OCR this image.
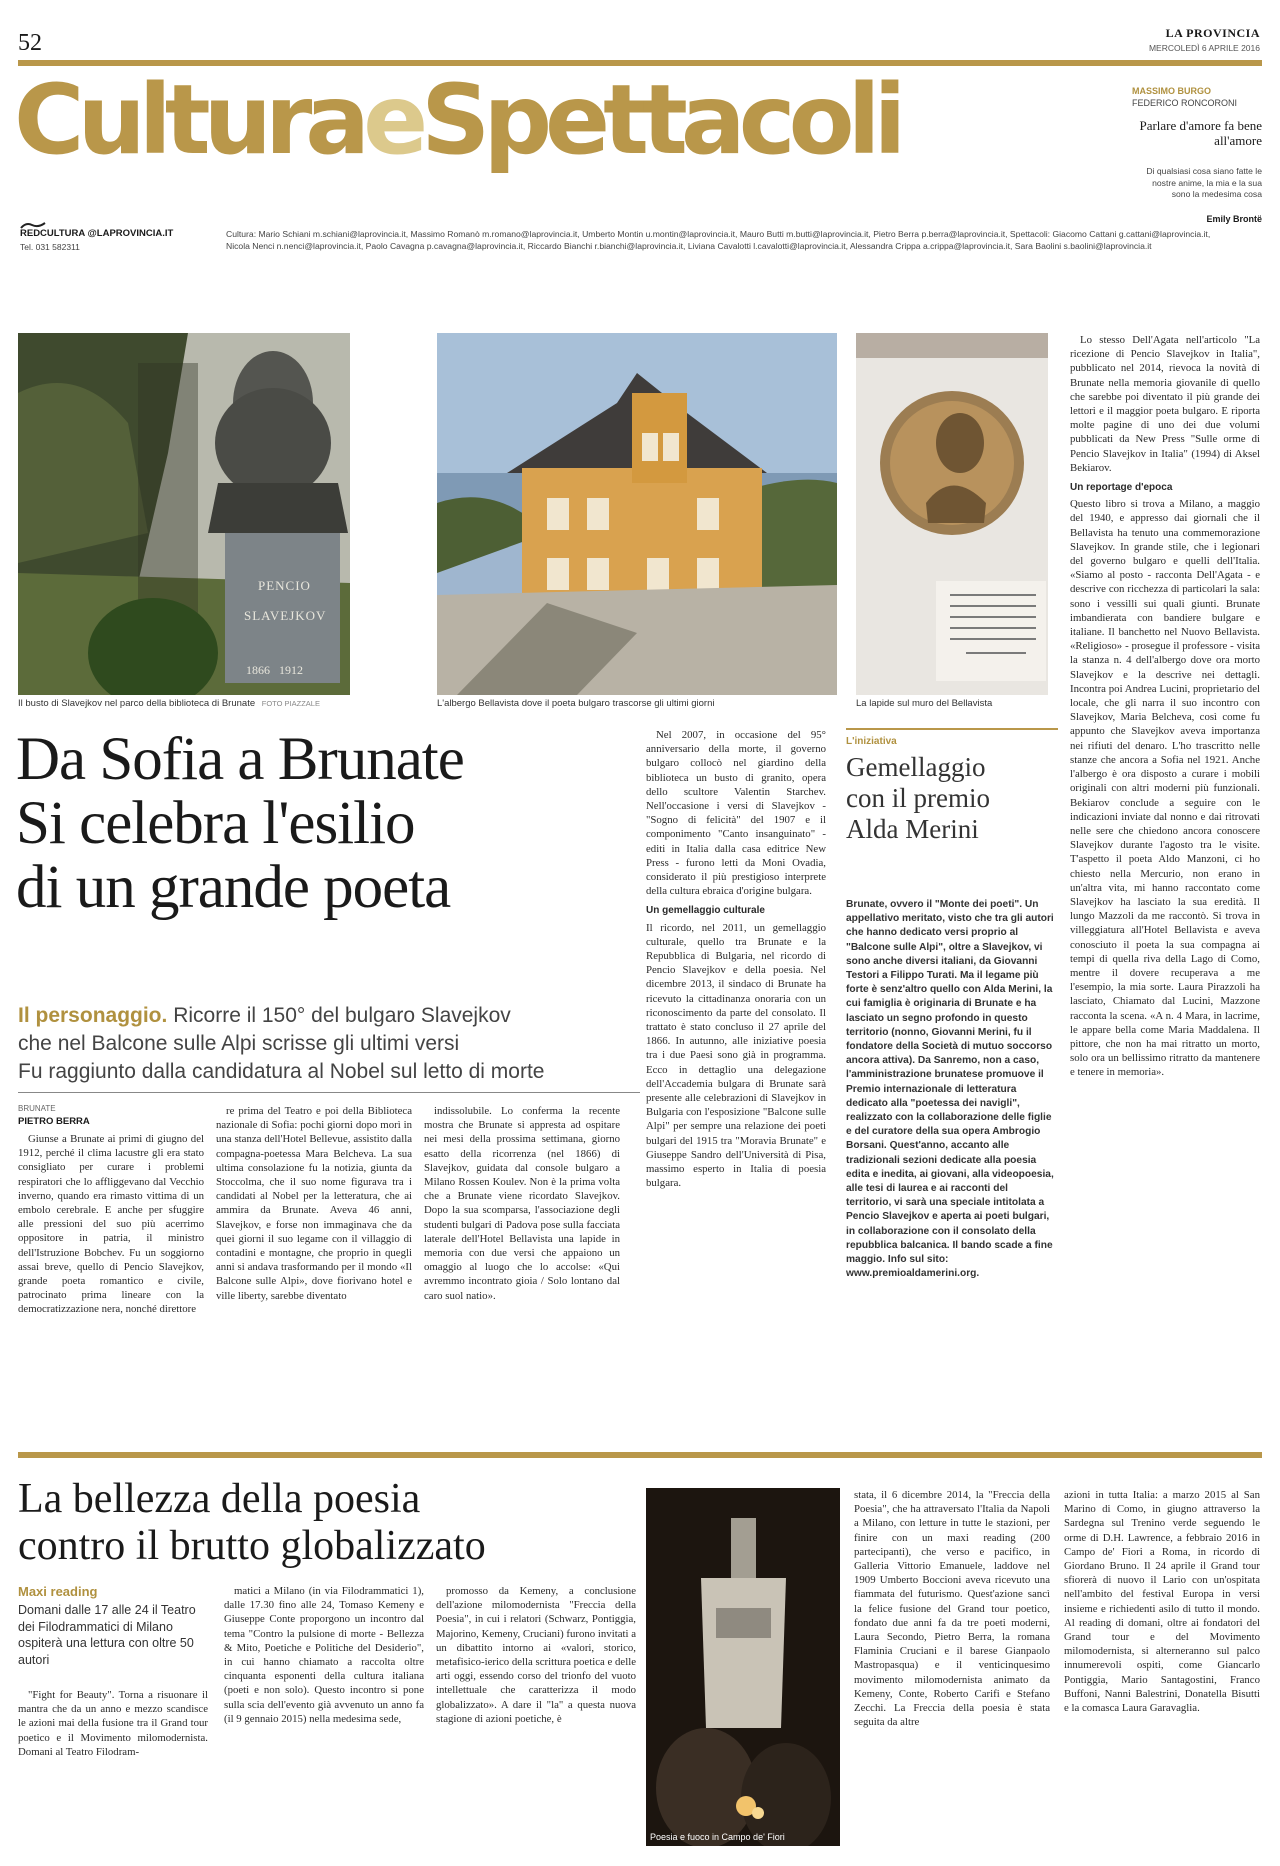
52	LA PROVINCIA
MERCOLEDÌ 6 APRILE 2016
CulturaeSpettacoli	MASSIMO BURGO
FEDERICO RONCORONI
Parlare d'amore fa bene all'amore
Di qualsiasi cosa siano fatte le nostre anime, la mia e la sua sono la medesima cosa
Emily Brontë
REDCULTURA @LAPROVINCIA.IT
Tel. 031 582311
Cultura: Mario Schiani m.schiani@laprovincia.it, Massimo Romanò m.romano@laprovincia.it, Umberto Montin u.montin@laprovincia.it, Mauro Butti m.butti@laprovincia.it, Pietro Berra p.berra@laprovincia.it, Spettacoli: Giacomo Cattani g.cattani@laprovincia.it, Nicola Nenci n.nenci@laprovincia.it, Paolo Cavagna p.cavagna@laprovincia.it, Riccardo Bianchi r.bianchi@laprovincia.it, Liviana Cavalotti l.cavalotti@laprovincia.it, Alessandra Crippa a.crippa@laprovincia.it, Sara Baolini s.baolini@laprovincia.it
PENCIO
SLAVEJKOV
1866   1912
Il busto di Slavejkov nel parco della biblioteca di Brunate FOTO PIAZZALE	L'albergo Bellavista dove il poeta bulgaro trascorse gli ultimi giorni	La lapide sul muro del Bellavista
Da Sofia a Brunate
Si celebra l'esilio
di un grande poeta
Il personaggio. Ricorre il 150° del bulgaro Slavejkov
che nel Balcone sulle Alpi scrisse gli ultimi versi
Fu raggiunto dalla candidatura al Nobel sul letto di morte
BRUNATE
PIETRO BERRA

Giunse a Brunate ai primi di giugno del 1912, perché il clima lacustre gli era stato consigliato per curare i problemi respiratori che lo affliggevano dal Vecchio inverno, quando era rimasto vittima di un embolo cerebrale. E anche per sfuggire alle pressioni del suo più acerrimo oppositore in patria, il ministro dell'Istruzione Bobchev. Fu un soggiorno assai breve, quello di Pencio Slavejkov, grande poeta romantico e civile, patrocinato prima lineare con la democratizzazione nera, nonché direttore

re prima del Teatro e poi della Biblioteca nazionale di Sofia: pochi giorni dopo morì in una stanza dell'Hotel Bellevue, assistito dalla compagna-poetessa Mara Belcheva. La sua ultima consolazione fu la notizia, giunta da Stoccolma, che il suo nome figurava tra i candidati al Nobel per la letteratura, che ai ammira da Brunate. Aveva 46 anni, Slavejkov, e forse non immaginava che da quei giorni il suo legame con il villaggio di contadini e montagne, che proprio in quegli anni si andava trasformando per il mondo «Il Balcone sulle Alpi», dove fiorivano hotel e ville liberty, sarebbe diventato

indissolubile. Lo conferma la recente mostra che Brunate si appresta ad ospitare nei mesi della prossima settimana, giorno esatto della ricorrenza (nel 1866) di Slavejkov, guidata dal console bulgaro a Milano Rossen Koulev. Non è la prima volta che a Brunate viene ricordato Slavejkov. Dopo la sua scomparsa, l'associazione degli studenti bulgari di Padova pose sulla facciata laterale dell'Hotel Bellavista una lapide in memoria con due versi che appaiono un omaggio al luogo che lo accolse: «Qui avremmo incontrato gioia / Solo lontano dal caro suol natio».

Nel 2007, in occasione del 95° anniversario della morte, il governo bulgaro collocò nel giardino della biblioteca un busto di granito, opera dello scultore Valentin Starchev. Nell'occasione i versi di Slavejkov - "Sogno di felicità" del 1907 e il componimento "Canto insanguinato" - editi in Italia dalla casa editrice New Press - furono letti da Moni Ovadia, considerato il più prestigioso interprete della cultura ebraica d'origine bulgara.

Un gemellaggio culturale

Il ricordo, nel 2011, un gemellaggio culturale, quello tra Brunate e la Repubblica di Bulgaria, nel ricordo di Pencio Slavejkov e della poesia. Nel dicembre 2013, il sindaco di Brunate ha ricevuto la cittadinanza onoraria con un riconoscimento da parte del consolato. Il trattato è stato concluso il 27 aprile del 1866. In autunno, alle iniziative poesia tra i due Paesi sono già in programma. Ecco in dettaglio una delegazione dell'Accademia bulgara di Brunate sarà presente alle celebrazioni di Slavejkov in Bulgaria con l'esposizione "Balcone sulle Alpi" per sempre una relazione dei poeti bulgari del 1915 tra "Moravia Brunate" e Giuseppe Sandro dell'Università di Pisa, massimo esperto in Italia di poesia bulgara.

L'iniziativa
Gemellaggio
con il premio
Alda Merini
Brunate, ovvero il "Monte dei poeti". Un appellativo meritato, visto che tra gli autori che hanno dedicato versi proprio al "Balcone sulle Alpi", oltre a Slavejkov, vi sono anche diversi italiani, da Giovanni Testori a Filippo Turati. Ma il legame più forte è senz'altro quello con Alda Merini, la cui famiglia è originaria di Brunate e ha lasciato un segno profondo in questo territorio (nonno, Giovanni Merini, fu il fondatore della Società di mutuo soccorso ancora attiva). Da Sanremo, non a caso, l'amministrazione brunatese promuove il Premio internazionale di letteratura dedicato alla "poetessa dei navigli", realizzato con la collaborazione delle figlie e del curatore della sua opera Ambrogio Borsani. Quest'anno, accanto alle tradizionali sezioni dedicate alla poesia edita e inedita, ai giovani, alla videopoesia, alle tesi di laurea e ai racconti del territorio, vi sarà una speciale intitolata a Pencio Slavejkov e aperta ai poeti bulgari, in collaborazione con il consolato della repubblica balcanica. Il bando scade a fine maggio. Info sul sito: www.premioaldamerini.org.

Lo stesso Dell'Agata nell'articolo "La ricezione di Pencio Slavejkov in Italia", pubblicato nel 2014, rievoca la novità di Brunate nella memoria giovanile di quello che sarebbe poi diventato il più grande dei lettori e il maggior poeta bulgaro. E riporta molte pagine di uno dei due volumi pubblicati da New Press "Sulle orme di Pencio Slavejkov in Italia" (1994) di Aksel Bekiarov.

Un reportage d'epoca

Questo libro si trova a Milano, a maggio del 1940, e appresso dai giornali che il Bellavista ha tenuto una commemorazione Slavejkov. In grande stile, che i legionari del governo bulgaro e quelli dell'Italia. «Siamo al posto - racconta Dell'Agata - e descrive con ricchezza di particolari la sala: sono i vessilli sui quali giunti. Brunate imbandierata con bandiere bulgare e italiane. Il banchetto nel Nuovo Bellavista. «Religioso» - prosegue il professore - visita la stanza n. 4 dell'albergo dove ora morto Slavejkov e la descrive nei dettagli. Incontra poi Andrea Lucini, proprietario del locale, che gli narra il suo incontro con Slavejkov, Maria Belcheva, così come fu appunto che Slavejkov aveva importanza nei rifiuti del denaro. L'ho trascritto nelle stanze che ancora a Sofia nel 1921. Anche l'albergo è ora disposto a curare i mobili originali con altri moderni più funzionali. Bekiarov conclude a seguire con le indicazioni inviate dal nonno e dai ritrovati nelle sere che chiedono ancora conoscere Slavejkov durante l'agosto tra le visite. T'aspetto il poeta Aldo Manzoni, ci ho chiesto nella Mercurio, non erano in un'altra vita, mi hanno raccontato come Slavejkov ha lasciato la sua eredità. Il lungo Mazzoli da me raccontò. Si trova in villeggiatura all'Hotel Bellavista e aveva conosciuto il poeta la sua compagna ai tempi di quella riva della Lago di Como, mentre il dovere recuperava a me l'esempio, la mia sorte. Laura Pirazzoli ha lasciato, Chiamato dal Lucini, Mazzone racconta la scena. «A n. 4 Mara, in lacrime, le appare bella come Maria Maddalena. Il pittore, che non ha mai ritratto un morto, solo ora un bellissimo ritratto da mantenere e tenere in memoria».

La bellezza della poesia
contro il brutto globalizzato
Maxi reading
Domani dalle 17 alle 24 il Teatro dei Filodrammatici di Milano ospiterà una lettura con oltre 50 autori

"Fight for Beauty". Torna a risuonare il mantra che da un anno e mezzo scandisce le azioni mai della fusione tra il Grand tour poetico e il Movimento milomodernista. Domani al Teatro Filodram-

matici a Milano (in via Filodrammatici 1), dalle 17.30 fino alle 24, Tomaso Kemeny e Giuseppe Conte proporgono un incontro dal tema "Contro la pulsione di morte - Bellezza & Mito, Poetiche e Politiche del Desiderio", in cui hanno chiamato a raccolta oltre cinquanta esponenti della cultura italiana (poeti e non solo). Questo incontro si pone sulla scia dell'evento già avvenuto un anno fa (il 9 gennaio 2015) nella medesima sede,

promosso da Kemeny, a conclusione dell'azione milomodernista "Freccia della Poesia", in cui i relatori (Schwarz, Pontiggia, Majorino, Kemeny, Cruciani) furono invitati a un dibattito intorno ai «valori, storico, metafisico-ierico della scrittura poetica e delle arti oggi, essendo corso del trionfo del vuoto intellettuale che caratterizza il modo globalizzato». A dare il "la" a questa nuova stagione di azioni poetiche, è

Poesia e fuoco in Campo de' Fiori

stata, il 6 dicembre 2014, la "Freccia della Poesia", che ha attraversato l'Italia da Napoli a Milano, con letture in tutte le stazioni, per finire con un maxi reading (200 partecipanti), che verso e pacifico, in Galleria Vittorio Emanuele, laddove nel 1909 Umberto Boccioni aveva ricevuto una fiammata del futurismo. Quest'azione sancì la felice fusione del Grand tour poetico, fondato due anni fa da tre poeti moderni, Laura Secondo, Pietro Berra, la romana Flaminia Cruciani e il barese Gianpaolo Mastropasqua) e il venticinquesimo movimento milomodernista animato da Kemeny, Conte, Roberto Carifi e Stefano Zecchi. La Freccia della poesia è stata seguita da altre

azioni in tutta Italia: a marzo 2015 al San Marino di Como, in giugno attraverso la Sardegna sul Trenino verde seguendo le orme di D.H. Lawrence, a febbraio 2016 in Campo de' Fiori a Roma, in ricordo di Giordano Bruno. Il 24 aprile il Grand tour sfiorerà di nuovo il Lario con un'ospitata nell'ambito del festival Europa in versi insieme e richiedenti asilo di tutto il mondo. Al reading di domani, oltre ai fondatori del Grand tour e del Movimento milomodernista, si alterneranno sul palco innumerevoli ospiti, come Giancarlo Pontiggia, Mario Santagostini, Franco Buffoni, Nanni Balestrini, Donatella Bisutti e la comasca Laura Garavaglia.
